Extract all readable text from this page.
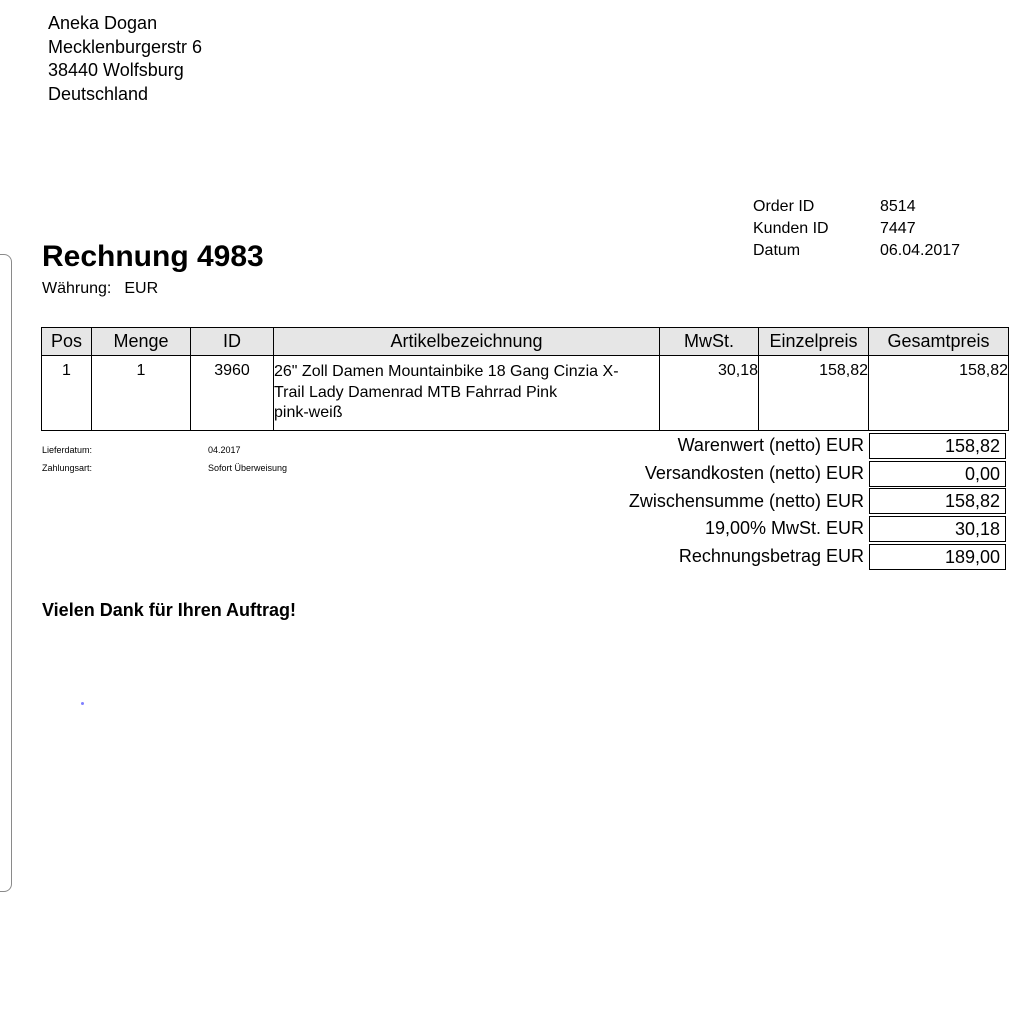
Aneka Dogan
Mecklenburgerstr 6
38440 Wolfsburg
Deutschland
Order ID	8514
Kunden ID	7447
Datum	06.04.2017
Rechnung 4983
Währung: EUR
Pos	Menge	ID	Artikelbezeichnung	MwSt.	Einzelpreis	Gesamtpreis
1	1	3960	26" Zoll Damen Mountainbike 18 Gang Cinzia X-
Trail Lady Damenrad MTB Fahrrad Pink
pink-weiß	30,18	158,82	158,82
Lieferdatum:	04.2017
Zahlungsart:	Sofort Überweisung
Warenwert (netto) EUR	158,82
Versandkosten (netto) EUR	0,00
Zwischensumme (netto) EUR	158,82
19,00% MwSt. EUR	30,18
Rechnungsbetrag EUR	189,00
Vielen Dank für Ihren Auftrag!
